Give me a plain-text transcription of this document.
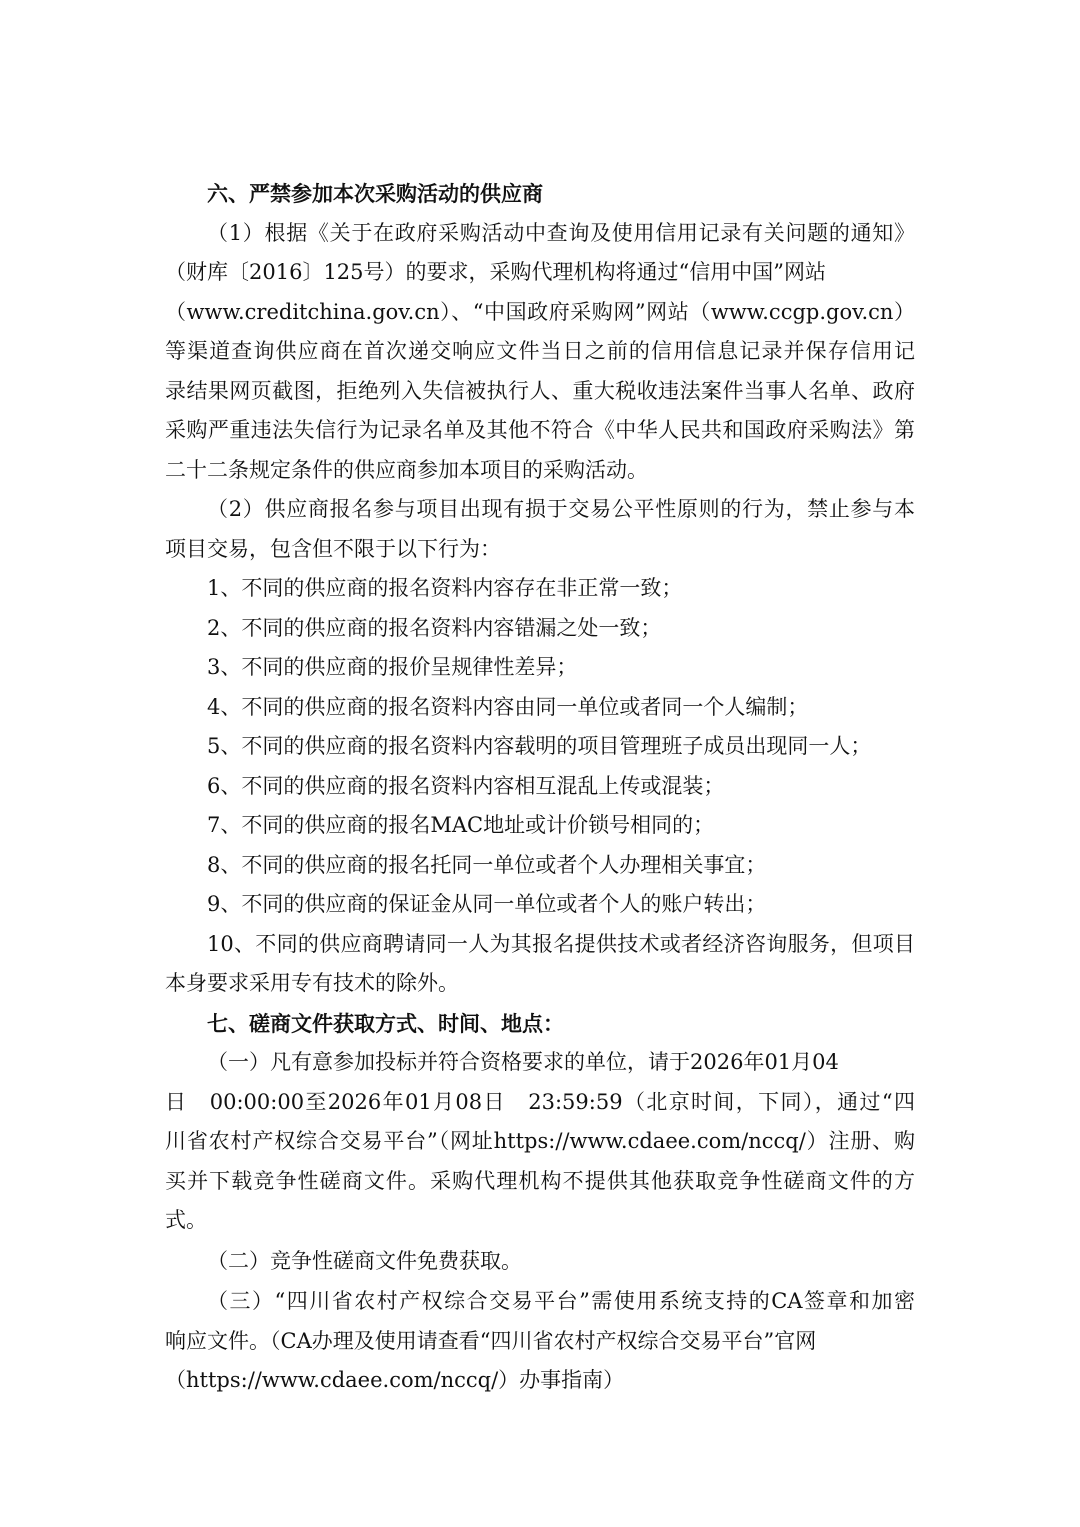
六、严禁参加本次采购活动的供应商
（1）根据《关于在政府采购活动中查询及使用信用记录有关问题的通知》
（财库〔2016〕125号）的要求，采购代理机构将通过“信用中国”网站
（www.creditchina.gov.cn）、“中国政府采购网”网站（www.ccgp.gov.cn）
等渠道查询供应商在首次递交响应文件当日之前的信用信息记录并保存信用记
录结果网页截图，拒绝列入失信被执行人、重大税收违法案件当事人名单、政府
采购严重违法失信行为记录名单及其他不符合《中华人民共和国政府采购法》第
二十二条规定条件的供应商参加本项目的采购活动。
（2）供应商报名参与项目出现有损于交易公平性原则的行为，禁止参与本
项目交易，包含但不限于以下行为：
1、不同的供应商的报名资料内容存在非正常一致；
2、不同的供应商的报名资料内容错漏之处一致；
3、不同的供应商的报价呈规律性差异；
4、不同的供应商的报名资料内容由同一单位或者同一个人编制；
5、不同的供应商的报名资料内容载明的项目管理班子成员出现同一人；
6、不同的供应商的报名资料内容相互混乱上传或混装；
7、不同的供应商的报名MAC地址或计价锁号相同的；
8、不同的供应商的报名托同一单位或者个人办理相关事宜；
9、不同的供应商的保证金从同一单位或者个人的账户转出；
10、不同的供应商聘请同一人为其报名提供技术或者经济咨询服务，但项目
本身要求采用专有技术的除外。
七、磋商文件获取方式、时间、地点：
（一）凡有意参加投标并符合资格要求的单位，请于2026年01月04
日　00:00:00至2026年01月08日　23:59:59（北京时间，下同），通过“四
川省农村产权综合交易平台”（网址https://www.cdaee.com/nccq/）注册、购
买并下载竞争性磋商文件。采购代理机构不提供其他获取竞争性磋商文件的方
式。
（二）竞争性磋商文件免费获取。
（三）“四川省农村产权综合交易平台”需使用系统支持的CA签章和加密
响应文件。（CA办理及使用请查看“四川省农村产权综合交易平台”官网
（https://www.cdaee.com/nccq/）办事指南）
